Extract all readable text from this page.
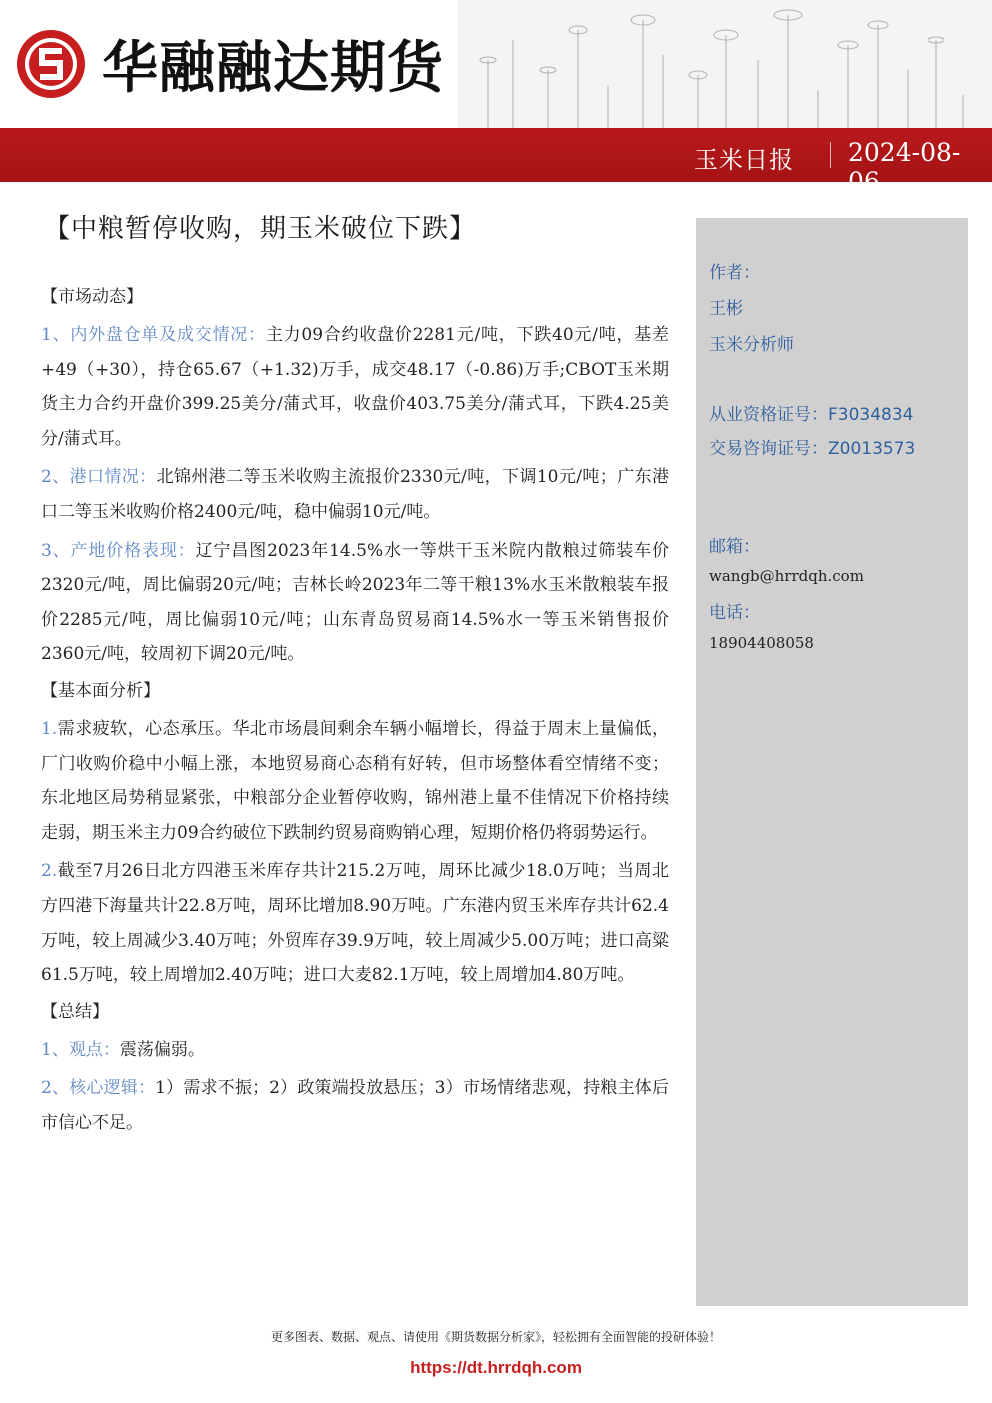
华融融达期货
玉米日报 2024-08-06
【中粮暂停收购，期玉米破位下跌】
【市场动态】

1、内外盘仓单及成交情况：主力09合约收盘价2281元/吨，下跌40元/吨，基差+49（+30），持仓65.67（+1.32)万手，成交48.17（-0.86)万手;CBOT玉米期货主力合约开盘价399.25美分/蒲式耳，收盘价403.75美分/蒲式耳，下跌4.25美分/蒲式耳。

2、港口情况：北锦州港二等玉米收购主流报价2330元/吨，下调10元/吨；广东港口二等玉米收购价格2400元/吨，稳中偏弱10元/吨。

3、产地价格表现：辽宁昌图2023年14.5%水一等烘干玉米院内散粮过筛装车价2320元/吨，周比偏弱20元/吨；吉林长岭2023年二等干粮13%水玉米散粮装车报价2285元/吨，周比偏弱10元/吨；山东青岛贸易商14.5%水一等玉米销售报价2360元/吨，较周初下调20元/吨。

【基本面分析】

1.需求疲软，心态承压。华北市场晨间剩余车辆小幅增长，得益于周末上量偏低，厂门收购价稳中小幅上涨，本地贸易商心态稍有好转，但市场整体看空情绪不变；东北地区局势稍显紧张，中粮部分企业暂停收购，锦州港上量不佳情况下价格持续走弱，期玉米主力09合约破位下跌制约贸易商购销心理，短期价格仍将弱势运行。

2.截至7月26日北方四港玉米库存共计215.2万吨，周环比减少18.0万吨；当周北方四港下海量共计22.8万吨，周环比增加8.90万吨。广东港内贸玉米库存共计62.4万吨，较上周减少3.40万吨；外贸库存39.9万吨，较上周减少5.00万吨；进口高粱61.5万吨，较上周增加2.40万吨；进口大麦82.1万吨，较上周增加4.80万吨。

【总结】

1、观点：震荡偏弱。

2、核心逻辑：1）需求不振；2）政策端投放悬压；3）市场情绪悲观，持粮主体后市信心不足。

作者：
王彬
玉米分析师
从业资格证号：F3034834
交易咨询证号：Z0013573
邮箱：
wangb@hrrdqh.com
电话：
18904408058
更多图表、数据、观点、请使用《期货数据分析家》，轻松拥有全面智能的投研体验！
https://dt.hrrdqh.com
